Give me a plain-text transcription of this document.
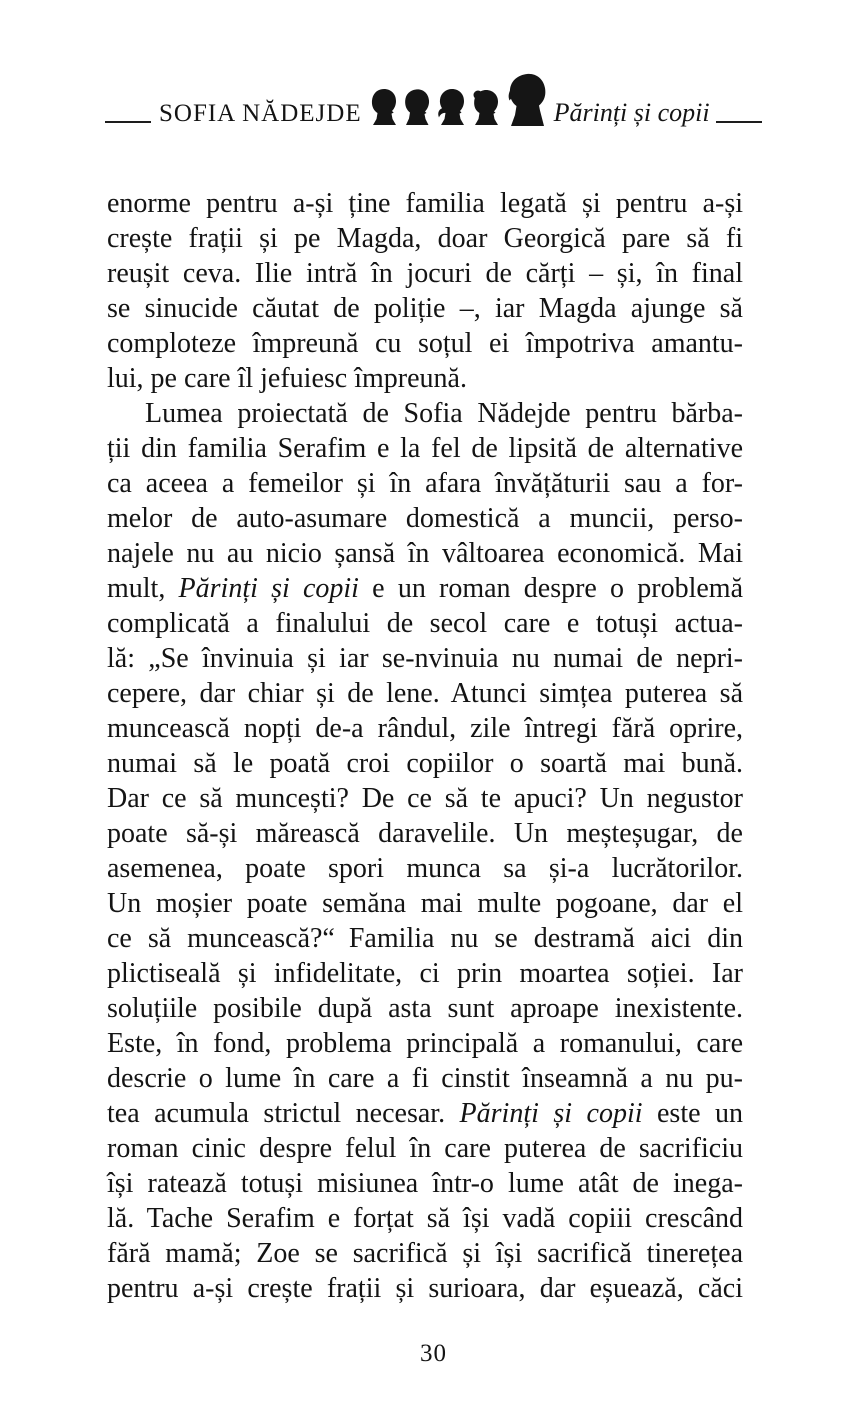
SOFIA NĂDEJDE	Părinți și copii

enorme pentru a-și ține familia legată și pentru a-și
crește frații și pe Magda, doar Georgică pare să fi
reușit ceva. Ilie intră în jocuri de cărți – și, în final
se sinucide căutat de poliție –, iar Magda ajunge să
comploteze împreună cu soțul ei împotriva amantu-
lui, pe care îl jefuiesc împreună.

Lumea proiectată de Sofia Nădejde pentru bărba-
ții din familia Serafim e la fel de lipsită de alternative
ca aceea a femeilor și în afara învățăturii sau a for-
melor de auto-asumare domestică a muncii, perso-
najele nu au nicio șansă în vâltoarea economică. Mai
mult, Părinți și copii e un roman despre o problemă
complicată a finalului de secol care e totuși actua-
lă: „Se învinuia și iar se-nvinuia nu numai de nepri-
cepere, dar chiar și de lene. Atunci simțea puterea să
muncească nopți de-a rândul, zile întregi fără oprire,
numai să le poată croi copiilor o soartă mai bună.
Dar ce să muncești? De ce să te apuci? Un negustor
poate să-și mărească daravelile. Un meșteșugar, de
asemenea, poate spori munca sa și-a lucrătorilor.
Un moșier poate semăna mai multe pogoane, dar el
ce să muncească?“ Familia nu se destramă aici din
plictiseală și infidelitate, ci prin moartea soției. Iar
soluțiile posibile după asta sunt aproape inexistente.
Este, în fond, problema principală a romanului, care
descrie o lume în care a fi cinstit înseamnă a nu pu-
tea acumula strictul necesar. Părinți și copii este un
roman cinic despre felul în care puterea de sacrificiu
își ratează totuși misiunea într-o lume atât de inega-
lă. Tache Serafim e forțat să își vadă copiii crescând
fără mamă; Zoe se sacrifică și își sacrifică tinerețea
pentru a-și crește frații și surioara, dar eșuează, căci

30
